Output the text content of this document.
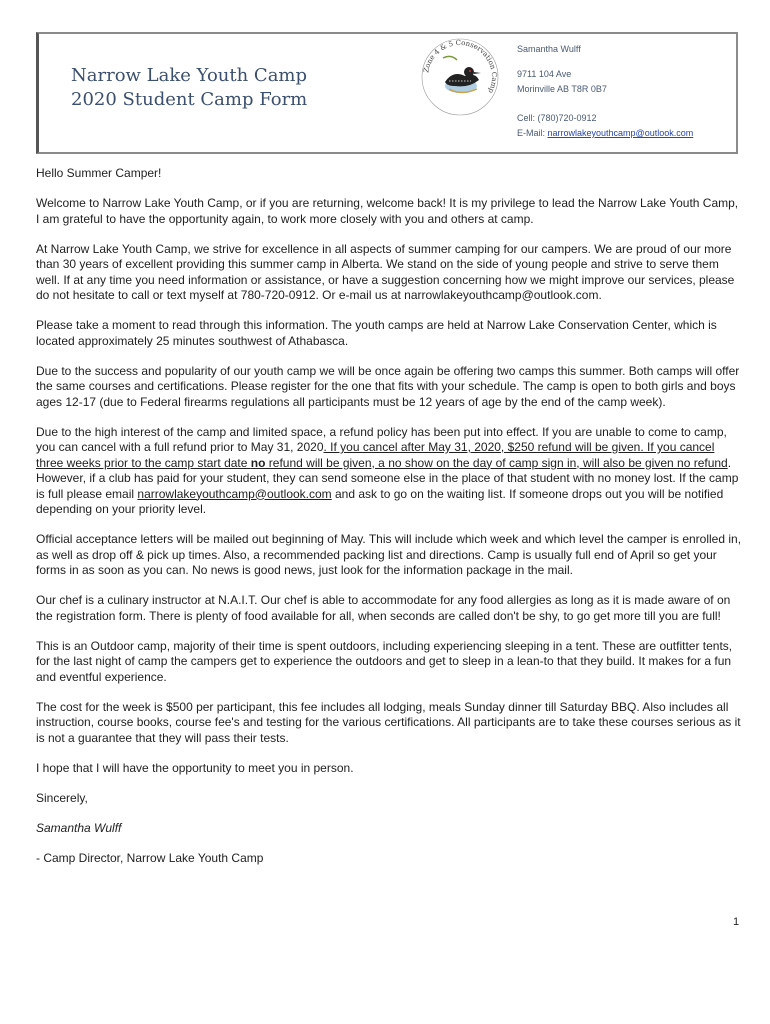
Narrow Lake Youth Camp
2020 Student Camp Form
Zone 4 & 5 Conservation Camp
Samantha Wulff
9711 104 Ave
Morinville AB T8R 0B7
Cell: (780)720-0912
E-Mail: narrowlakeyouthcamp@outlook.com

Hello Summer Camper!

Welcome to Narrow Lake Youth Camp, or if you are returning, welcome back! It is my privilege to lead the Narrow Lake Youth Camp, I am grateful to have the opportunity again, to work more closely with you and others at camp.

At Narrow Lake Youth Camp, we strive for excellence in all aspects of summer camping for our campers. We are proud of our more than 30 years of excellent providing this summer camp in Alberta. We stand on the side of young people and strive to serve them well. If at any time you need information or assistance, or have a suggestion concerning how we might improve our services, please do not hesitate to call or text myself at 780-720-0912. Or e-mail us at narrowlakeyouthcamp@outlook.com.

Please take a moment to read through this information. The youth camps are held at Narrow Lake Conservation Center, which is located approximately 25 minutes southwest of Athabasca.

Due to the success and popularity of our youth camp we will be once again be offering two camps this summer. Both camps will offer the same courses and certifications. Please register for the one that fits with your schedule. The camp is open to both girls and boys ages 12-17 (due to Federal firearms regulations all participants must be 12 years of age by the end of the camp week).

Due to the high interest of the camp and limited space, a refund policy has been put into effect. If you are unable to come to camp, you can cancel with a full refund prior to May 31, 2020. If you cancel after May 31, 2020, $250 refund will be given. If you cancel three weeks prior to the camp start date no refund will be given, a no show on the day of camp sign in, will also be given no refund. However, if a club has paid for your student, they can send someone else in the place of that student with no money lost. If the camp is full please email narrowlakeyouthcamp@outlook.com and ask to go on the waiting list. If someone drops out you will be notified depending on your priority level.

Official acceptance letters will be mailed out beginning of May. This will include which week and which level the camper is enrolled in, as well as drop off & pick up times. Also, a recommended packing list and directions. Camp is usually full end of April so get your forms in as soon as you can. No news is good news, just look for the information package in the mail.

Our chef is a culinary instructor at N.A.I.T. Our chef is able to accommodate for any food allergies as long as it is made aware of on the registration form. There is plenty of food available for all, when seconds are called don't be shy, to go get more till you are full!

This is an Outdoor camp, majority of their time is spent outdoors, including experiencing sleeping in a tent. These are outfitter tents, for the last night of camp the campers get to experience the outdoors and get to sleep in a lean-to that they build. It makes for a fun and eventful experience.

The cost for the week is $500 per participant, this fee includes all lodging, meals Sunday dinner till Saturday BBQ. Also includes all instruction, course books, course fee's and testing for the various certifications. All participants are to take these courses serious as it is not a guarantee that they will pass their tests.

I hope that I will have the opportunity to meet you in person.

Sincerely,

Samantha Wulff

- Camp Director, Narrow Lake Youth Camp

1
